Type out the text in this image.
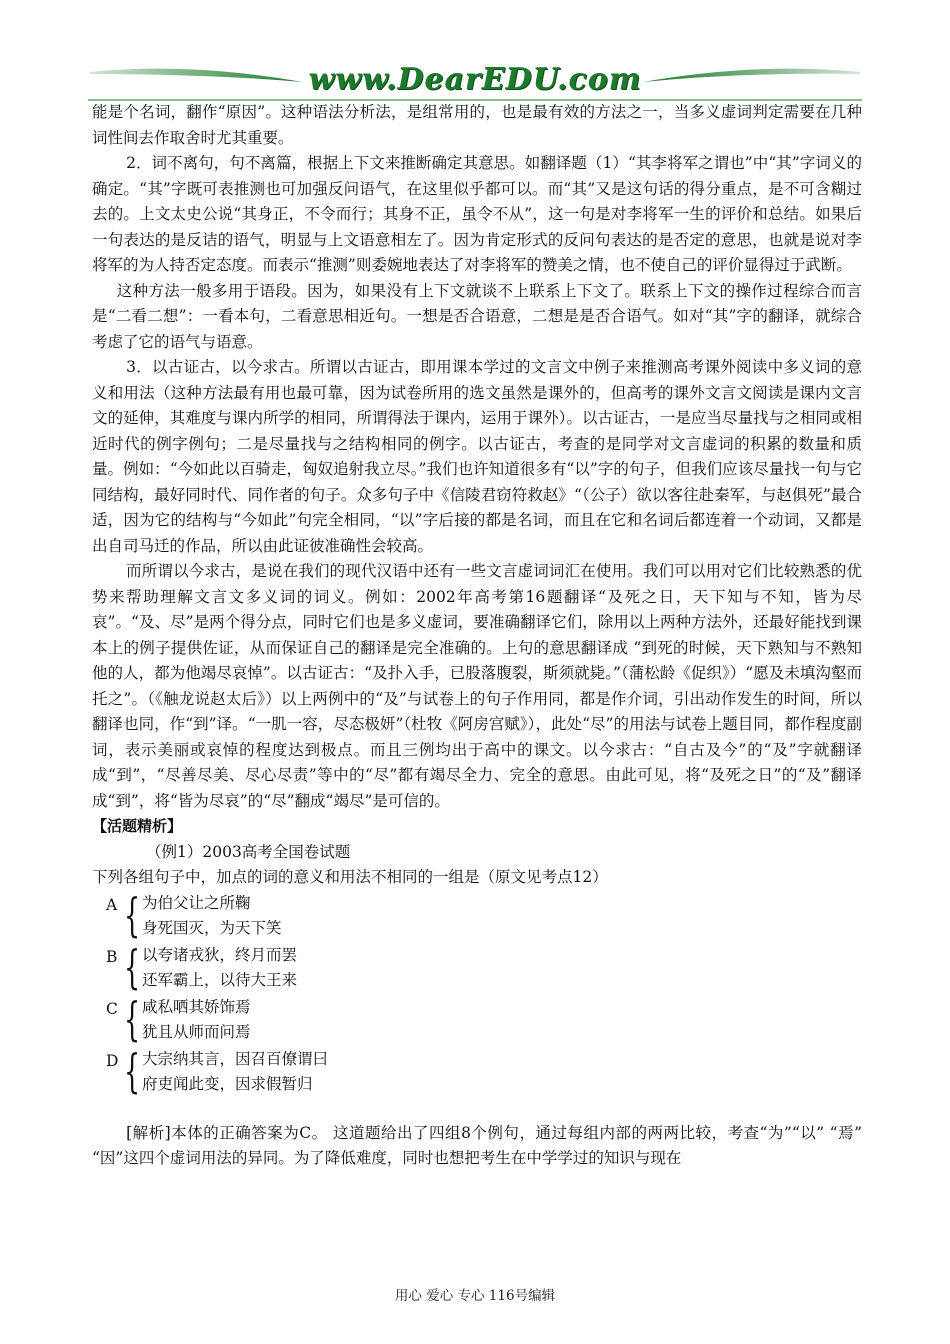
www.DearEDU.com

能是个名词，翻作“原因”。这种语法分析法，是组常用的，也是最有效的方法之一，当多义虚词判定需要在几种词性间去作取舍时尤其重要。

2．词不离句，句不离篇，根据上下文来推断确定其意思。如翻译题（1）“其李将军之谓也”中“其”字词义的确定。“其”字既可表推测也可加强反问语气，在这里似乎都可以。而“其”又是这句话的得分重点，是不可含糊过去的。上文太史公说“其身正，不令而行；其身不正，虽令不从”，这一句是对李将军一生的评价和总结。如果后一句表达的是反诘的语气，明显与上文语意相左了。因为肯定形式的反问句表达的是否定的意思，也就是说对李将军的为人持否定态度。而表示“推测”则委婉地表达了对李将军的赞美之情，也不使自己的评价显得过于武断。

这种方法一般多用于语段。因为，如果没有上下文就谈不上联系上下文了。联系上下文的操作过程综合而言是“二看二想”：一看本句，二看意思相近句。一想是否合语意，二想是是否合语气。如对“其”字的翻译，就综合考虑了它的语气与语意。

3．以古证古，以今求古。所谓以古证古，即用课本学过的文言文中例子来推测高考课外阅读中多义词的意义和用法（这种方法最有用也最可靠，因为试卷所用的选文虽然是课外的，但高考的课外文言文阅读是课内文言文的延伸，其难度与课内所学的相同，所谓得法于课内，运用于课外）。以古证古，一是应当尽量找与之相同或相近时代的例字例句；二是尽量找与之结构相同的例字。以古证古，考查的是同学对文言虚词的积累的数量和质量。例如：“今如此以百骑走，匈奴追射我立尽。”我们也许知道很多有“以”字的句子，但我们应该尽量找一句与它同结构，最好同时代、同作者的句子。众多句子中《信陵君窃符救赵》“（公子）欲以客往赴秦军，与赵俱死”最合适，因为它的结构与“今如此”句完全相同，“以”字后接的都是名词，而且在它和名词后都连着一个动词，又都是出自司马迁的作品，所以由此证彼准确性会较高。

而所谓以今求古，是说在我们的现代汉语中还有一些文言虚词词汇在使用。我们可以用对它们比较熟悉的优势来帮助理解文言文多义词的词义。例如：2002年高考第16题翻译“及死之日，天下知与不知，皆为尽哀”。“及、尽”是两个得分点，同时它们也是多义虚词，要准确翻译它们，除用以上两种方法外，还最好能找到课本上的例子提供佐证，从而保证自己的翻译是完全准确的。上句的意思翻译成 “到死的时候，天下熟知与不熟知他的人，都为他竭尽哀悼”。以古证古：“及扑入手，已股落腹裂，斯须就毙。”（蒲松龄《促织》）“愿及未填沟壑而托之”。（《触龙说赵太后》）以上两例中的“及”与试卷上的句子作用同，都是作介词，引出动作发生的时间，所以翻译也同，作“到”译。“一肌一容，尽态极妍”（杜牧《阿房宫赋》），此处“尽”的用法与试卷上题目同，都作程度副词，表示美丽或哀悼的程度达到极点。而且三例均出于高中的课文。以今求古：“自古及今”的“及”字就翻译成“到”，“尽善尽美、尽心尽责”等中的“尽”都有竭尽全力、完全的意思。由此可见，将“及死之日”的“及”翻译成“到”，将“皆为尽哀”的“尽”翻成“竭尽”是可信的。

【活题精析】

（例1）2003高考全国卷试题

下列各组句子中，加点的词的意义和用法不相同的一组是（原文见考点12）

A { 为伯父让之所鞠
身死国灭，为天下笑
B { 以夸诸戎狄，终月而罢
还军霸上，以待大王来
C { 咸私哂其娇饰焉
犹且从师而问焉
D { 大宗纳其言，因召百僚谓曰
府吏闻此变，因求假暂归

[解析]本体的正确答案为C。 这道题给出了四组8个例句，通过每组内部的两两比较，考查“为”“以” “焉” “因”这四个虚词用法的异同。为了降低难度，同时也想把考生在中学学过的知识与现在

用心 爱心 专心 116号编辑
